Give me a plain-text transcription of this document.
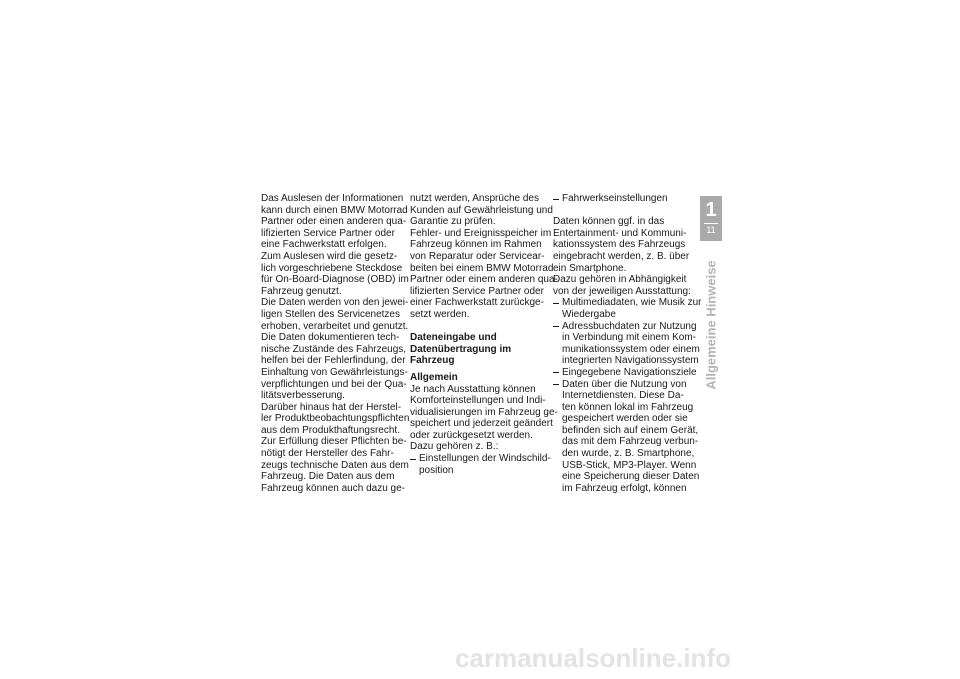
Das Auslesen der Informationen
kann durch einen BMW Motorrad
Partner oder einen anderen qua-
lifizierten Service Partner oder
eine Fachwerkstatt erfolgen.
Zum Auslesen wird die gesetz-
lich vorgeschriebene Steckdose
für On-Board-Diagnose (OBD) im
Fahrzeug genutzt.
Die Daten werden von den jewei-
ligen Stellen des Servicenetzes
erhoben, verarbeitet und genutzt.
Die Daten dokumentieren tech-
nische Zustände des Fahrzeugs,
helfen bei der Fehlerfindung, der
Einhaltung von Gewährleistungs-
verpflichtungen und bei der Qua-
litätsverbesserung.
Darüber hinaus hat der Herstel-
ler Produktbeobachtungspflichten
aus dem Produkthaftungsrecht.
Zur Erfüllung dieser Pflichten be-
nötigt der Hersteller des Fahr-
zeugs technische Daten aus dem
Fahrzeug. Die Daten aus dem
Fahrzeug können auch dazu ge-
nutzt werden, Ansprüche des
Kunden auf Gewährleistung und
Garantie zu prüfen.
Fehler- und Ereignisspeicher im
Fahrzeug können im Rahmen
von Reparatur oder Servicear-
beiten bei einem BMW Motorrad
Partner oder einem anderen qua-
lifizierten Service Partner oder
einer Fachwerkstatt zurückge-
setzt werden.
Dateneingabe und
Datenübertragung im
Fahrzeug
Allgemein
Je nach Ausstattung können
Komforteinstellungen und Indi-
vidualisierungen im Fahrzeug ge-
speichert und jederzeit geändert
oder zurückgesetzt werden.
Dazu gehören z. B.:
Einstellungen der Windschild-
position
Fahrwerkseinstellungen
Daten können ggf. in das
Entertainment- und Kommuni-
kationssystem des Fahrzeugs
eingebracht werden, z. B. über
ein Smartphone.
Dazu gehören in Abhängigkeit
von der jeweiligen Ausstattung:
Multimediadaten, wie Musik zur
Wiedergabe
Adressbuchdaten zur Nutzung
in Verbindung mit einem Kom-
munikationssystem oder einem
integrierten Navigationssystem
Eingegebene Navigationsziele
Daten über die Nutzung von
Internetdiensten. Diese Da-
ten können lokal im Fahrzeug
gespeichert werden oder sie
befinden sich auf einem Gerät,
das mit dem Fahrzeug verbun-
den wurde, z. B. Smartphone,
USB-Stick, MP3-Player. Wenn
eine Speicherung dieser Daten
im Fahrzeug erfolgt, können
1
11
Allgemeine Hinweise
carmanualsonline.info
